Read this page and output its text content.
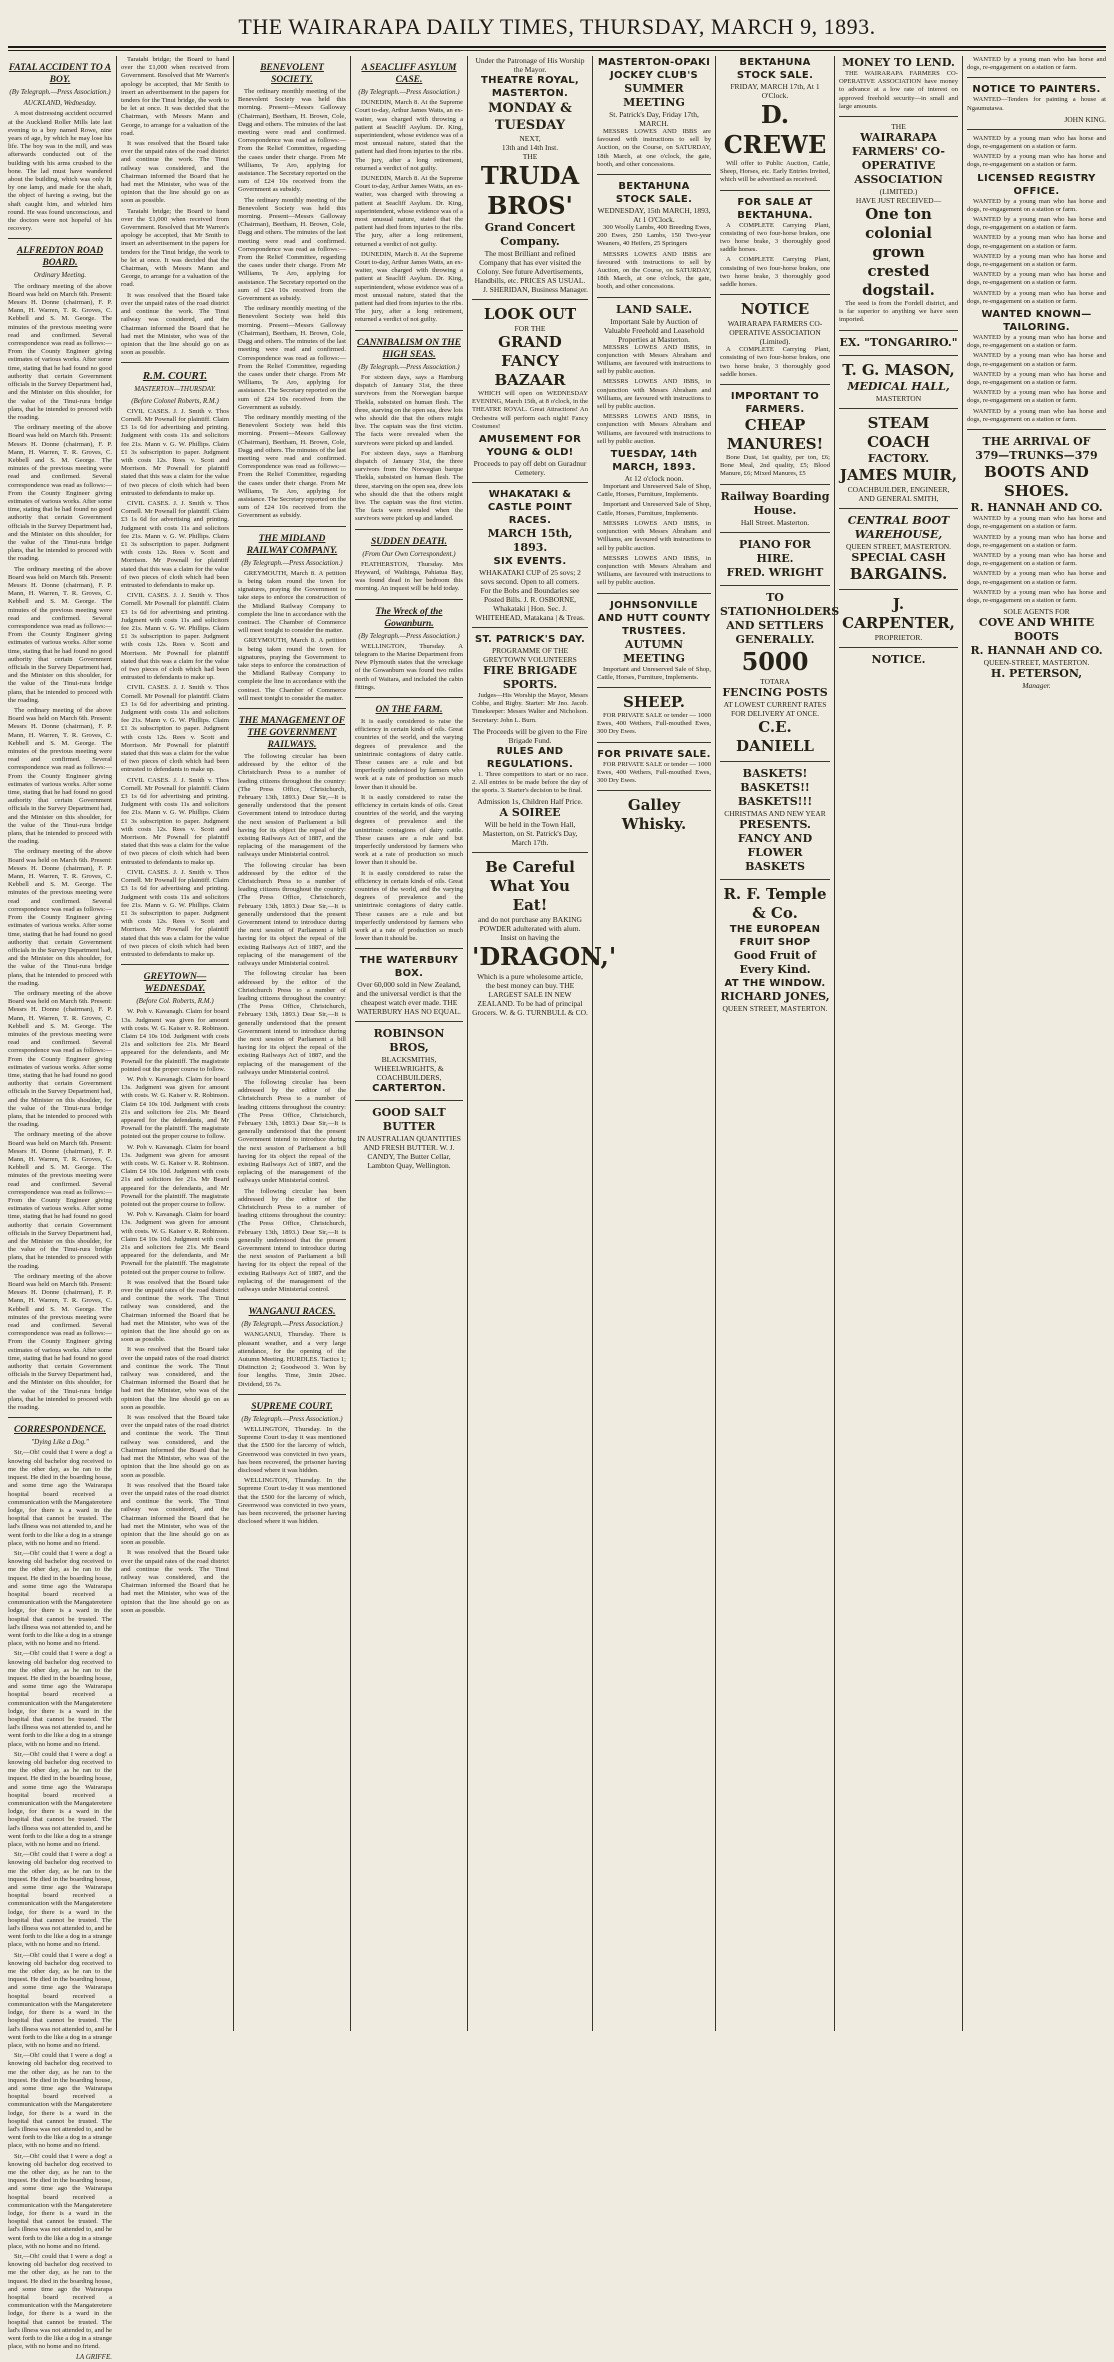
THE WAIRARAPA DAILY TIMES, THURSDAY, MARCH 9, 1893.
FATAL ACCIDENT TO A BOY.
(By Telegraph.—Press Association.)
AUCKLAND, Wednesday.
A most distressing accident occurred at the Auckland Roller Mills late last evening to a boy named Rowe, nine years of age, by which he may lose his life. The boy was in the mill, and was afterwards conducted out of the building with his arms crushed to the bone. The lad must have wandered about the building, which was only lit by one lamp, and made for the shaft, the object of having a swing, but the shaft caught him, and whirled him round. He was found unconscious, and the doctors were not hopeful of his recovery.
ALFREDTON ROAD BOARD.
Ordinary Meeting.
The ordinary meeting of the above Board was held on March 6th. Present: Messrs H. Donne (chairman), F. P. Mann, H. Warren, T. R. Groves, C. Kebbell and S. M. George. The minutes of the previous meeting were read and confirmed. Several correspondence was read as follows:—From the County Engineer giving estimates of various works. After some time, stating that he had found no good authority that certain Government officials in the Survey Department had, and the Minister on this shoulder, for the value of the Tinui-rura bridge plans, that he intended to proceed with the roading.
The ordinary meeting of the above Board was held on March 6th. Present: Messrs H. Donne (chairman), F. P. Mann, H. Warren, T. R. Groves, C. Kebbell and S. M. George. The minutes of the previous meeting were read and confirmed. Several correspondence was read as follows:—From the County Engineer giving estimates of various works. After some time, stating that he had found no good authority that certain Government officials in the Survey Department had, and the Minister on this shoulder, for the value of the Tinui-rura bridge plans, that he intended to proceed with the roading.
The ordinary meeting of the above Board was held on March 6th. Present: Messrs H. Donne (chairman), F. P. Mann, H. Warren, T. R. Groves, C. Kebbell and S. M. George. The minutes of the previous meeting were read and confirmed. Several correspondence was read as follows:—From the County Engineer giving estimates of various works. After some time, stating that he had found no good authority that certain Government officials in the Survey Department had, and the Minister on this shoulder, for the value of the Tinui-rura bridge plans, that he intended to proceed with the roading.
The ordinary meeting of the above Board was held on March 6th. Present: Messrs H. Donne (chairman), F. P. Mann, H. Warren, T. R. Groves, C. Kebbell and S. M. George. The minutes of the previous meeting were read and confirmed. Several correspondence was read as follows:—From the County Engineer giving estimates of various works. After some time, stating that he had found no good authority that certain Government officials in the Survey Department had, and the Minister on this shoulder, for the value of the Tinui-rura bridge plans, that he intended to proceed with the roading.
The ordinary meeting of the above Board was held on March 6th. Present: Messrs H. Donne (chairman), F. P. Mann, H. Warren, T. R. Groves, C. Kebbell and S. M. George. The minutes of the previous meeting were read and confirmed. Several correspondence was read as follows:—From the County Engineer giving estimates of various works. After some time, stating that he had found no good authority that certain Government officials in the Survey Department had, and the Minister on this shoulder, for the value of the Tinui-rura bridge plans, that he intended to proceed with the roading.
The ordinary meeting of the above Board was held on March 6th. Present: Messrs H. Donne (chairman), F. P. Mann, H. Warren, T. R. Groves, C. Kebbell and S. M. George. The minutes of the previous meeting were read and confirmed. Several correspondence was read as follows:—From the County Engineer giving estimates of various works. After some time, stating that he had found no good authority that certain Government officials in the Survey Department had, and the Minister on this shoulder, for the value of the Tinui-rura bridge plans, that he intended to proceed with the roading.
The ordinary meeting of the above Board was held on March 6th. Present: Messrs H. Donne (chairman), F. P. Mann, H. Warren, T. R. Groves, C. Kebbell and S. M. George. The minutes of the previous meeting were read and confirmed. Several correspondence was read as follows:—From the County Engineer giving estimates of various works. After some time, stating that he had found no good authority that certain Government officials in the Survey Department had, and the Minister on this shoulder, for the value of the Tinui-rura bridge plans, that he intended to proceed with the roading.
The ordinary meeting of the above Board was held on March 6th. Present: Messrs H. Donne (chairman), F. P. Mann, H. Warren, T. R. Groves, C. Kebbell and S. M. George. The minutes of the previous meeting were read and confirmed. Several correspondence was read as follows:—From the County Engineer giving estimates of various works. After some time, stating that he had found no good authority that certain Government officials in the Survey Department had, and the Minister on this shoulder, for the value of the Tinui-rura bridge plans, that he intended to proceed with the roading.
CORRESPONDENCE.
"Dying Like a Dog."
Sir,—Oh! could that I were a dog! a knowing old bachelor dog received to me the other day, as he ran to the inquest. He died in the boarding house, and some time ago the Wairarapa hospital board received a communication with the Mangateretere lodge, for there is a ward in the hospital that cannot be trusted. The lad's illness was not attended to, and he went forth to die like a dog in a strange place, with no home and no friend.
Sir,—Oh! could that I were a dog! a knowing old bachelor dog received to me the other day, as he ran to the inquest. He died in the boarding house, and some time ago the Wairarapa hospital board received a communication with the Mangateretere lodge, for there is a ward in the hospital that cannot be trusted. The lad's illness was not attended to, and he went forth to die like a dog in a strange place, with no home and no friend.
Sir,—Oh! could that I were a dog! a knowing old bachelor dog received to me the other day, as he ran to the inquest. He died in the boarding house, and some time ago the Wairarapa hospital board received a communication with the Mangateretere lodge, for there is a ward in the hospital that cannot be trusted. The lad's illness was not attended to, and he went forth to die like a dog in a strange place, with no home and no friend.
Sir,—Oh! could that I were a dog! a knowing old bachelor dog received to me the other day, as he ran to the inquest. He died in the boarding house, and some time ago the Wairarapa hospital board received a communication with the Mangateretere lodge, for there is a ward in the hospital that cannot be trusted. The lad's illness was not attended to, and he went forth to die like a dog in a strange place, with no home and no friend.
Sir,—Oh! could that I were a dog! a knowing old bachelor dog received to me the other day, as he ran to the inquest. He died in the boarding house, and some time ago the Wairarapa hospital board received a communication with the Mangateretere lodge, for there is a ward in the hospital that cannot be trusted. The lad's illness was not attended to, and he went forth to die like a dog in a strange place, with no home and no friend.
Sir,—Oh! could that I were a dog! a knowing old bachelor dog received to me the other day, as he ran to the inquest. He died in the boarding house, and some time ago the Wairarapa hospital board received a communication with the Mangateretere lodge, for there is a ward in the hospital that cannot be trusted. The lad's illness was not attended to, and he went forth to die like a dog in a strange place, with no home and no friend.
Sir,—Oh! could that I were a dog! a knowing old bachelor dog received to me the other day, as he ran to the inquest. He died in the boarding house, and some time ago the Wairarapa hospital board received a communication with the Mangateretere lodge, for there is a ward in the hospital that cannot be trusted. The lad's illness was not attended to, and he went forth to die like a dog in a strange place, with no home and no friend.
Sir,—Oh! could that I were a dog! a knowing old bachelor dog received to me the other day, as he ran to the inquest. He died in the boarding house, and some time ago the Wairarapa hospital board received a communication with the Mangateretere lodge, for there is a ward in the hospital that cannot be trusted. The lad's illness was not attended to, and he went forth to die like a dog in a strange place, with no home and no friend.
Sir,—Oh! could that I were a dog! a knowing old bachelor dog received to me the other day, as he ran to the inquest. He died in the boarding house, and some time ago the Wairarapa hospital board received a communication with the Mangateretere lodge, for there is a ward in the hospital that cannot be trusted. The lad's illness was not attended to, and he went forth to die like a dog in a strange place, with no home and no friend.
LA GRIFFE.
Taratahi bridge; the Board to hand over the £1,000 when received from Government. Resolved that Mr Warren's apology be accepted, that Mr Smith to insert an advertisement in the papers for tenders for the Tinui bridge, the work to be let at once. It was decided that the Chairman, with Messrs Mann and George, to arrange for a valuation of the road.
It was resolved that the Board take over the unpaid rates of the road district and continue the work. The Tinui railway was considered, and the Chairman informed the Board that he had met the Minister, who was of the opinion that the line should go on as soon as possible.
Taratahi bridge; the Board to hand over the £1,000 when received from Government. Resolved that Mr Warren's apology be accepted, that Mr Smith to insert an advertisement in the papers for tenders for the Tinui bridge, the work to be let at once. It was decided that the Chairman, with Messrs Mann and George, to arrange for a valuation of the road.
It was resolved that the Board take over the unpaid rates of the road district and continue the work. The Tinui railway was considered, and the Chairman informed the Board that he had met the Minister, who was of the opinion that the line should go on as soon as possible.
R.M. COURT.
MASTERTON—THURSDAY.
(Before Colonel Roberts, R.M.)
CIVIL CASES. J. J. Smith v. Thos Cornell. Mr Pownall for plaintiff. Claim £3 1s 6d for advertising and printing. Judgment with costs 11s and solicitors fee 21s. Mann v. G. W. Phillips. Claim £1 3s subscription to paper. Judgment with costs 12s. Rees v. Scott and Morrison. Mr Pownall for plaintiff stated that this was a claim for the value of two pieces of cloth which had been entrusted to defendants to make up.
CIVIL CASES. J. J. Smith v. Thos Cornell. Mr Pownall for plaintiff. Claim £3 1s 6d for advertising and printing. Judgment with costs 11s and solicitors fee 21s. Mann v. G. W. Phillips. Claim £1 3s subscription to paper. Judgment with costs 12s. Rees v. Scott and Morrison. Mr Pownall for plaintiff stated that this was a claim for the value of two pieces of cloth which had been entrusted to defendants to make up.
CIVIL CASES. J. J. Smith v. Thos Cornell. Mr Pownall for plaintiff. Claim £3 1s 6d for advertising and printing. Judgment with costs 11s and solicitors fee 21s. Mann v. G. W. Phillips. Claim £1 3s subscription to paper. Judgment with costs 12s. Rees v. Scott and Morrison. Mr Pownall for plaintiff stated that this was a claim for the value of two pieces of cloth which had been entrusted to defendants to make up.
CIVIL CASES. J. J. Smith v. Thos Cornell. Mr Pownall for plaintiff. Claim £3 1s 6d for advertising and printing. Judgment with costs 11s and solicitors fee 21s. Mann v. G. W. Phillips. Claim £1 3s subscription to paper. Judgment with costs 12s. Rees v. Scott and Morrison. Mr Pownall for plaintiff stated that this was a claim for the value of two pieces of cloth which had been entrusted to defendants to make up.
CIVIL CASES. J. J. Smith v. Thos Cornell. Mr Pownall for plaintiff. Claim £3 1s 6d for advertising and printing. Judgment with costs 11s and solicitors fee 21s. Mann v. G. W. Phillips. Claim £1 3s subscription to paper. Judgment with costs 12s. Rees v. Scott and Morrison. Mr Pownall for plaintiff stated that this was a claim for the value of two pieces of cloth which had been entrusted to defendants to make up.
CIVIL CASES. J. J. Smith v. Thos Cornell. Mr Pownall for plaintiff. Claim £3 1s 6d for advertising and printing. Judgment with costs 11s and solicitors fee 21s. Mann v. G. W. Phillips. Claim £1 3s subscription to paper. Judgment with costs 12s. Rees v. Scott and Morrison. Mr Pownall for plaintiff stated that this was a claim for the value of two pieces of cloth which had been entrusted to defendants to make up.
GREYTOWN—WEDNESDAY.
(Before Col. Roberts, R.M.)
W. Poh v. Kavanagh. Claim for board 13s. Judgment was given for amount with costs. W. G. Kaiser v. R. Robinson. Claim £4 10s 10d. Judgment with costs 21s and solicitors fee 21s. Mr Beard appeared for the defendants, and Mr Pownall for the plaintiff. The magistrate pointed out the proper course to follow.
W. Poh v. Kavanagh. Claim for board 13s. Judgment was given for amount with costs. W. G. Kaiser v. R. Robinson. Claim £4 10s 10d. Judgment with costs 21s and solicitors fee 21s. Mr Beard appeared for the defendants, and Mr Pownall for the plaintiff. The magistrate pointed out the proper course to follow.
W. Poh v. Kavanagh. Claim for board 13s. Judgment was given for amount with costs. W. G. Kaiser v. R. Robinson. Claim £4 10s 10d. Judgment with costs 21s and solicitors fee 21s. Mr Beard appeared for the defendants, and Mr Pownall for the plaintiff. The magistrate pointed out the proper course to follow.
W. Poh v. Kavanagh. Claim for board 13s. Judgment was given for amount with costs. W. G. Kaiser v. R. Robinson. Claim £4 10s 10d. Judgment with costs 21s and solicitors fee 21s. Mr Beard appeared for the defendants, and Mr Pownall for the plaintiff. The magistrate pointed out the proper course to follow.
It was resolved that the Board take over the unpaid rates of the road district and continue the work. The Tinui railway was considered, and the Chairman informed the Board that he had met the Minister, who was of the opinion that the line should go on as soon as possible.
It was resolved that the Board take over the unpaid rates of the road district and continue the work. The Tinui railway was considered, and the Chairman informed the Board that he had met the Minister, who was of the opinion that the line should go on as soon as possible.
It was resolved that the Board take over the unpaid rates of the road district and continue the work. The Tinui railway was considered, and the Chairman informed the Board that he had met the Minister, who was of the opinion that the line should go on as soon as possible.
It was resolved that the Board take over the unpaid rates of the road district and continue the work. The Tinui railway was considered, and the Chairman informed the Board that he had met the Minister, who was of the opinion that the line should go on as soon as possible.
It was resolved that the Board take over the unpaid rates of the road district and continue the work. The Tinui railway was considered, and the Chairman informed the Board that he had met the Minister, who was of the opinion that the line should go on as soon as possible.
BENEVOLENT SOCIETY.
The ordinary monthly meeting of the Benevolent Society was held this morning. Present—Messrs Galloway (Chairman), Beetham, H. Brown, Cole, Dagg and others. The minutes of the last meeting were read and confirmed. Correspondence was read as follows:—From the Relief Committee, regarding the cases under their charge. From Mr Williams, Te Aro, applying for assistance. The Secretary reported on the sum of £24 10s received from the Government as subsidy.
The ordinary monthly meeting of the Benevolent Society was held this morning. Present—Messrs Galloway (Chairman), Beetham, H. Brown, Cole, Dagg and others. The minutes of the last meeting were read and confirmed. Correspondence was read as follows:—From the Relief Committee, regarding the cases under their charge. From Mr Williams, Te Aro, applying for assistance. The Secretary reported on the sum of £24 10s received from the Government as subsidy.
The ordinary monthly meeting of the Benevolent Society was held this morning. Present—Messrs Galloway (Chairman), Beetham, H. Brown, Cole, Dagg and others. The minutes of the last meeting were read and confirmed. Correspondence was read as follows:—From the Relief Committee, regarding the cases under their charge. From Mr Williams, Te Aro, applying for assistance. The Secretary reported on the sum of £24 10s received from the Government as subsidy.
The ordinary monthly meeting of the Benevolent Society was held this morning. Present—Messrs Galloway (Chairman), Beetham, H. Brown, Cole, Dagg and others. The minutes of the last meeting were read and confirmed. Correspondence was read as follows:—From the Relief Committee, regarding the cases under their charge. From Mr Williams, Te Aro, applying for assistance. The Secretary reported on the sum of £24 10s received from the Government as subsidy.
THE MIDLAND RAILWAY COMPANY.
(By Telegraph.—Press Association.)
GREYMOUTH, March 8. A petition is being taken round the town for signatures, praying the Government to take steps to enforce the construction of the Midland Railway Company to complete the line in accordance with the contract. The Chamber of Commerce will meet tonight to consider the matter.
GREYMOUTH, March 8. A petition is being taken round the town for signatures, praying the Government to take steps to enforce the construction of the Midland Railway Company to complete the line in accordance with the contract. The Chamber of Commerce will meet tonight to consider the matter.
THE MANAGEMENT OF THE GOVERNMENT RAILWAYS.
The following circular has been addressed by the editor of the Christchurch Press to a number of leading citizens throughout the country: (The Press Office, Christchurch, February 13th, 1893.) Dear Sir,—It is generally understood that the present Government intend to introduce during the next session of Parliament a bill having for its object the repeal of the existing Railways Act of 1887, and the replacing of the management of the railways under Ministerial control.
The following circular has been addressed by the editor of the Christchurch Press to a number of leading citizens throughout the country: (The Press Office, Christchurch, February 13th, 1893.) Dear Sir,—It is generally understood that the present Government intend to introduce during the next session of Parliament a bill having for its object the repeal of the existing Railways Act of 1887, and the replacing of the management of the railways under Ministerial control.
The following circular has been addressed by the editor of the Christchurch Press to a number of leading citizens throughout the country: (The Press Office, Christchurch, February 13th, 1893.) Dear Sir,—It is generally understood that the present Government intend to introduce during the next session of Parliament a bill having for its object the repeal of the existing Railways Act of 1887, and the replacing of the management of the railways under Ministerial control.
The following circular has been addressed by the editor of the Christchurch Press to a number of leading citizens throughout the country: (The Press Office, Christchurch, February 13th, 1893.) Dear Sir,—It is generally understood that the present Government intend to introduce during the next session of Parliament a bill having for its object the repeal of the existing Railways Act of 1887, and the replacing of the management of the railways under Ministerial control.
The following circular has been addressed by the editor of the Christchurch Press to a number of leading citizens throughout the country: (The Press Office, Christchurch, February 13th, 1893.) Dear Sir,—It is generally understood that the present Government intend to introduce during the next session of Parliament a bill having for its object the repeal of the existing Railways Act of 1887, and the replacing of the management of the railways under Ministerial control.
WANGANUI RACES.
(By Telegraph.—Press Association.)
WANGANUI, Thursday. There is pleasant weather, and a very large attendance, for the opening of the Autumn Meeting. HURDLES. Tactics 1; Distinction 2; Goodwood 3. Won by four lengths. Time, 3min 20sec. Dividend, £6 7s.
SUPREME COURT.
(By Telegraph.—Press Association.)
WELLINGTON, Thursday. In the Supreme Court to-day it was mentioned that the £500 for the larceny of which, Greenwood was convicted in two years, has been recovered, the prisoner having disclosed where it was hidden.
WELLINGTON, Thursday. In the Supreme Court to-day it was mentioned that the £500 for the larceny of which, Greenwood was convicted in two years, has been recovered, the prisoner having disclosed where it was hidden.
A SEACLIFF ASYLUM CASE.
(By Telegraph.—Press Association.)
DUNEDIN, March 8. At the Supreme Court to-day, Arthur James Watts, an ex-waiter, was charged with throwing a patient at Seacliff Asylum. Dr. King, superintendent, whose evidence was of a most unusual nature, stated that the patient had died from injuries to the ribs. The jury, after a long retirement, returned a verdict of not guilty.
DUNEDIN, March 8. At the Supreme Court to-day, Arthur James Watts, an ex-waiter, was charged with throwing a patient at Seacliff Asylum. Dr. King, superintendent, whose evidence was of a most unusual nature, stated that the patient had died from injuries to the ribs. The jury, after a long retirement, returned a verdict of not guilty.
DUNEDIN, March 8. At the Supreme Court to-day, Arthur James Watts, an ex-waiter, was charged with throwing a patient at Seacliff Asylum. Dr. King, superintendent, whose evidence was of a most unusual nature, stated that the patient had died from injuries to the ribs. The jury, after a long retirement, returned a verdict of not guilty.
CANNIBALISM ON THE HIGH SEAS.
(By Telegraph.—Press Association.)
For sixteen days, says a Hamburg dispatch of January 31st, the three survivors from the Norwegian barque Thekla, subsisted on human flesh. The three, starving on the open sea, drew lots who should die that the others might live. The captain was the first victim. The facts were revealed when the survivors were picked up and landed.
For sixteen days, says a Hamburg dispatch of January 31st, the three survivors from the Norwegian barque Thekla, subsisted on human flesh. The three, starving on the open sea, drew lots who should die that the others might live. The captain was the first victim. The facts were revealed when the survivors were picked up and landed.
SUDDEN DEATH.
(From Our Own Correspondent.)
FEATHERSTON, Thursday. Mrs Heyward, of Waihinga, Pahiatua Bay, was found dead in her bedroom this morning. An inquest will be held today.
The Wreck of the Gowanburn.
(By Telegraph.—Press Association.)
WELLINGTON, Thursday. A telegram to the Marine Department from New Plymouth states that the wreckage of the Gowanburn was found two miles north of Waitara, and included the cabin fittings.
ON THE FARM.
It is easily considered to raise the efficiency in certain kinds of oils. Great countries of the world, and the varying degrees of prevalence and the unintrinsic contagions of dairy cattle. These causes are a rule and but imperfectly understood by farmers who work at a rate of production so much lower than it should be.
It is easily considered to raise the efficiency in certain kinds of oils. Great countries of the world, and the varying degrees of prevalence and the unintrinsic contagions of dairy cattle. These causes are a rule and but imperfectly understood by farmers who work at a rate of production so much lower than it should be.
It is easily considered to raise the efficiency in certain kinds of oils. Great countries of the world, and the varying degrees of prevalence and the unintrinsic contagions of dairy cattle. These causes are a rule and but imperfectly understood by farmers who work at a rate of production so much lower than it should be.
THE WATERBURY BOX.
Over 60,000 sold in New Zealand, and the universal verdict is that the cheapest watch ever made. THE WATERBURY HAS NO EQUAL.
ROBINSON BROS,
BLACKSMITHS, WHEELWRIGHTS, & COACHBUILDERS,
CARTERTON.
GOOD SALT BUTTER
IN AUSTRALIAN QUANTITIES AND FRESH BUTTER. W. J. CANDY, The Butter Cellar, Lambton Quay, Wellington.
Under the Patronage of His Worship the Mayor.
THEATRE ROYAL, MASTERTON.
MONDAY & TUESDAY
NEXT,
13th and 14th Inst.
THE
TRUDA BROS'
Grand Concert Company.
The most Brilliant and refined Company that has ever visited the Colony. See future Advertisements, Handbills, etc. PRICES AS USUAL.
J. SHERIDAN, Business Manager.
LOOK OUT
FOR THE
GRAND FANCY
BAZAAR
WHICH will open on WEDNESDAY EVENING, March 15th, at 8 o'clock, in the THEATRE ROYAL. Great Attractions! An Orchestra will perform each night! Fancy Costumes!
AMUSEMENT FOR YOUNG & OLD!
Proceeds to pay off debt on Guradnur Cemetery.
WHAKATAKI & CASTLE POINT RACES.
MARCH 15th, 1893.
SIX EVENTS.
WHAKATAKI CUP of 25 sovs; 2 sovs second. Open to all comers.
For the Bobs and Boundaries see Posted Bills. J. R. OSBORNE, Whakataki | Hon. Sec. J. WHITEHEAD, Matakana | & Treas.
ST. PATRICK'S DAY.
PROGRAMME OF THE GREYTOWN VOLUNTEERS
FIRE BRIGADE SPORTS.
Judges—His Worship the Mayor, Messrs Cobbe, and Rigby. Starter: Mr Jno. Jacob. Timekeeper: Messrs Walter and Nicholson. Secretary: John L. Burn.
The Proceeds will be given to the Fire Brigade Fund.
RULES AND REGULATIONS.
1. Three competitors to start or no race. 2. All entries to be made before the day of the sports. 3. Starter's decision to be final.
Admission 1s, Children Half Price.
A SOIREE
Will be held in the Town Hall, Masterton, on St. Patrick's Day, March 17th.
Be Careful What You Eat!
and do not purchase any BAKING POWDER adulterated with alum. Insist on having the
'DRAGON,'
Which is a pure wholesome article, the best money can buy. THE LARGEST SALE IN NEW ZEALAND. To be had of principal Grocers. W. & G. TURNBULL & CO.
MASTERTON-OPAKI JOCKEY CLUB'S
SUMMER MEETING
St. Patrick's Day, Friday 17th, MARCH.
MESSRS LOWES AND IBBS are favoured with instructions to sell by Auction, on the Course, on SATURDAY, 18th March, at one o'clock, the gate, booth, and other concessions.
BEKTAHUNA STOCK SALE.
WEDNESDAY, 15th MARCH, 1893, At 1 O'Clock.
300 Woolly Lambs, 400 Breeding Ewes, 200 Ewes, 250 Lambs, 150 Two-year Weaners, 40 Heifers, 25 Springers
MESSRS LOWES AND IBBS are favoured with instructions to sell by Auction, on the Course, on SATURDAY, 18th March, at one o'clock, the gate, booth, and other concessions.
LAND SALE.
Important Sale by Auction of Valuable Freehold and Leasehold Properties at Masterton.
MESSRS LOWES AND IBBS, in conjunction with Messrs Abraham and Williams, are favoured with instructions to sell by public auction.
MESSRS LOWES AND IBBS, in conjunction with Messrs Abraham and Williams, are favoured with instructions to sell by public auction.
MESSRS LOWES AND IBBS, in conjunction with Messrs Abraham and Williams, are favoured with instructions to sell by public auction.
TUESDAY, 14th MARCH, 1893.
At 12 o'clock noon.
Important and Unreserved Sale of Shop, Cattle, Horses, Furniture, Implements.
Important and Unreserved Sale of Shop, Cattle, Horses, Furniture, Implements.
MESSRS LOWES AND IBBS, in conjunction with Messrs Abraham and Williams, are favoured with instructions to sell by public auction.
MESSRS LOWES AND IBBS, in conjunction with Messrs Abraham and Williams, are favoured with instructions to sell by public auction.
JOHNSONVILLE AND HUTT COUNTY TRUSTEES.
AUTUMN MEETING
Important and Unreserved Sale of Shop, Cattle, Horses, Furniture, Implements.
SHEEP.
FOR PRIVATE SALE or tender — 1000 Ewes, 400 Wethers, Full-mouthed Ewes, 300 Dry Ewes.
FOR PRIVATE SALE.
FOR PRIVATE SALE or tender — 1000 Ewes, 400 Wethers, Full-mouthed Ewes, 300 Dry Ewes.
Galley Whisky.
BEKTAHUNA STOCK SALE.
FRIDAY, MARCH 17th, At 1 O'Clock.
D. CREWE
Will offer to Public Auction, Cattle, Sheep, Horses, etc. Early Entries Invited, which will be advertised as received.
FOR SALE AT BEKTAHUNA.
A COMPLETE Carrying Plant, consisting of two four-horse brakes, one two horse brake, 3 thoroughly good saddle horses.
A COMPLETE Carrying Plant, consisting of two four-horse brakes, one two horse brake, 3 thoroughly good saddle horses.
NOTICE
WAIRARAPA FARMERS CO-OPERATIVE ASSOCIATION (Limited).
A COMPLETE Carrying Plant, consisting of two four-horse brakes, one two horse brake, 3 thoroughly good saddle horses.
IMPORTANT TO FARMERS.
CHEAP MANURES!
Bone Dust, 1st quality, per ton, £6; Bone Meal, 2nd quality, £5; Blood Manure, £6; Mixed Manures, £5
Railway Boarding House.
Hall Street. Masterton.
PIANO FOR HIRE.
FRED. WRIGHT
TO STATIONHOLDERS AND SETTLERS GENERALLY.
5000
TOTARA
FENCING POSTS
AT LOWEST CURRENT RATES FOR DELIVERY AT ONCE.
C.E. DANIELL
BASKETS!
BASKETS!! BASKETS!!!
CHRISTMAS AND NEW YEAR
PRESENTS.
FANCY AND FLOWER BASKETS
R. F. Temple & Co.
THE EUROPEAN FRUIT SHOP
Good Fruit of Every Kind.
AT THE WINDOW.
RICHARD JONES,
QUEEN STREET, MASTERTON.
MONEY TO LEND.
THE WAIRARAPA FARMERS CO-OPERATIVE ASSOCIATION have money to advance at a low rate of interest on approved freehold security—in small and large amounts.
THE
WAIRARAPA
FARMERS' CO-OPERATIVE
ASSOCIATION
(LIMITED.)
HAVE JUST RECEIVED—
One ton colonial grown crested dogstail.
The seed is from the Fordell district, and is far superior to anything we have seen imported.
EX. "TONGARIRO."
T. G. MASON,
MEDICAL HALL,
MASTERTON
STEAM COACH
FACTORY.
JAMES MUIR,
COACHBUILDER, ENGINEER, AND GENERAL SMITH,
CENTRAL BOOT WAREHOUSE,
QUEEN STREET, MASTERTON.
SPECIAL CASH
BARGAINS.
J. CARPENTER,
PROPRIETOR.
NOTICE.
WANTED by a young man who has horse and dogs, re-engagement on a station or farm.
NOTICE TO PAINTERS.
WANTED—Tenders for painting a house at Ngaumutawa.
JOHN KING.
WANTED by a young man who has horse and dogs, re-engagement on a station or farm.
WANTED by a young man who has horse and dogs, re-engagement on a station or farm.
LICENSED REGISTRY OFFICE.
WANTED by a young man who has horse and dogs, re-engagement on a station or farm.
WANTED by a young man who has horse and dogs, re-engagement on a station or farm.
WANTED by a young man who has horse and dogs, re-engagement on a station or farm.
WANTED by a young man who has horse and dogs, re-engagement on a station or farm.
WANTED by a young man who has horse and dogs, re-engagement on a station or farm.
WANTED by a young man who has horse and dogs, re-engagement on a station or farm.
WANTED KNOWN—TAILORING.
WANTED by a young man who has horse and dogs, re-engagement on a station or farm.
WANTED by a young man who has horse and dogs, re-engagement on a station or farm.
WANTED by a young man who has horse and dogs, re-engagement on a station or farm.
WANTED by a young man who has horse and dogs, re-engagement on a station or farm.
WANTED by a young man who has horse and dogs, re-engagement on a station or farm.
THE ARRIVAL OF
379—TRUNKS—379
BOOTS AND SHOES.
R. HANNAH AND CO.
WANTED by a young man who has horse and dogs, re-engagement on a station or farm.
WANTED by a young man who has horse and dogs, re-engagement on a station or farm.
WANTED by a young man who has horse and dogs, re-engagement on a station or farm.
WANTED by a young man who has horse and dogs, re-engagement on a station or farm.
WANTED by a young man who has horse and dogs, re-engagement on a station or farm.
SOLE AGENTS FOR
COVE AND WHITE BOOTS
R. HANNAH AND CO.
QUEEN-STREET, MASTERTON.
H. PETERSON,
Manager.
